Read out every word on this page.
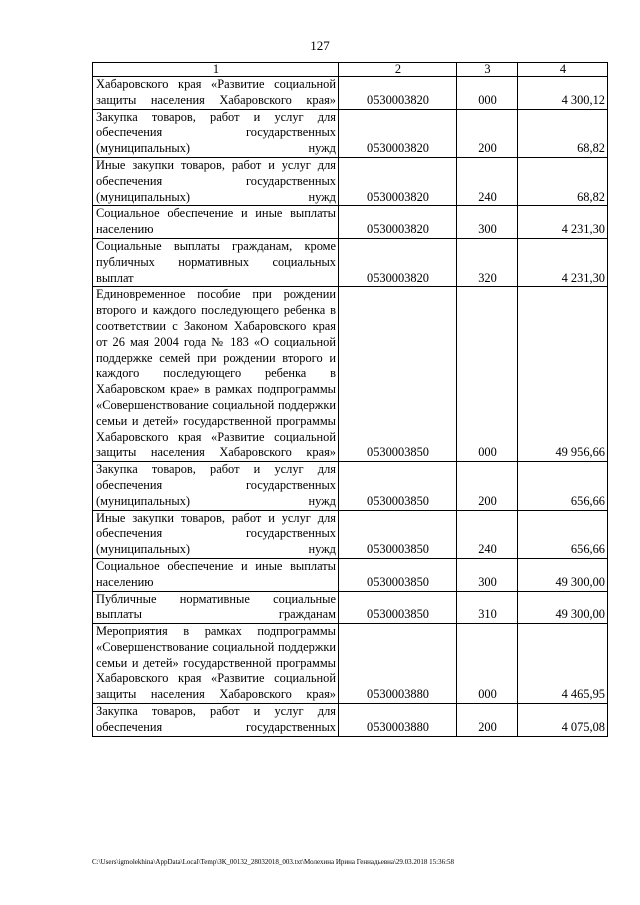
127
1	2	3	4
Хабаровского края «Развитие социальной защиты населения Хабаровского края»	0530003820	000	4 300,12
Закупка товаров, работ и услуг для обеспечения государственных (муниципальных) нужд	0530003820	200	68,82
Иные закупки товаров, работ и услуг для обеспечения государственных (муниципальных) нужд	0530003820	240	68,82
Социальное обеспечение и иные выплаты населению	0530003820	300	4 231,30
Социальные выплаты гражданам, кроме публичных нормативных социальных выплат	0530003820	320	4 231,30
Единовременное пособие при рождении второго и каждого последующего ребенка в соответствии с Законом Хабаровского края от 26 мая 2004 года № 183 «О социальной поддержке семей при рождении второго и каждого последующего ребенка в Хабаровском крае» в рамках подпрограммы «Совершенствование социальной поддержки семьи и детей» государственной программы Хабаровского края «Развитие социальной защиты населения Хабаровского края»	0530003850	000	49 956,66
Закупка товаров, работ и услуг для обеспечения государственных (муниципальных) нужд	0530003850	200	656,66
Иные закупки товаров, работ и услуг для обеспечения государственных (муниципальных) нужд	0530003850	240	656,66
Социальное обеспечение и иные выплаты населению	0530003850	300	49 300,00
Публичные нормативные социальные выплаты гражданам	0530003850	310	49 300,00
Мероприятия в рамках подпрограммы «Совершенствование социальной поддержки семьи и детей» государственной программы Хабаровского края «Развитие социальной защиты населения Хабаровского края»	0530003880	000	4 465,95
Закупка товаров, работ и услуг для обеспечения государственных	0530003880	200	4 075,08
C:\Users\igmolekhina\AppData\Local\Temp\ЗК_00132_28032018_003.txt\Молехина Ирина Геннадьевна\29.03.2018 15:36:58
